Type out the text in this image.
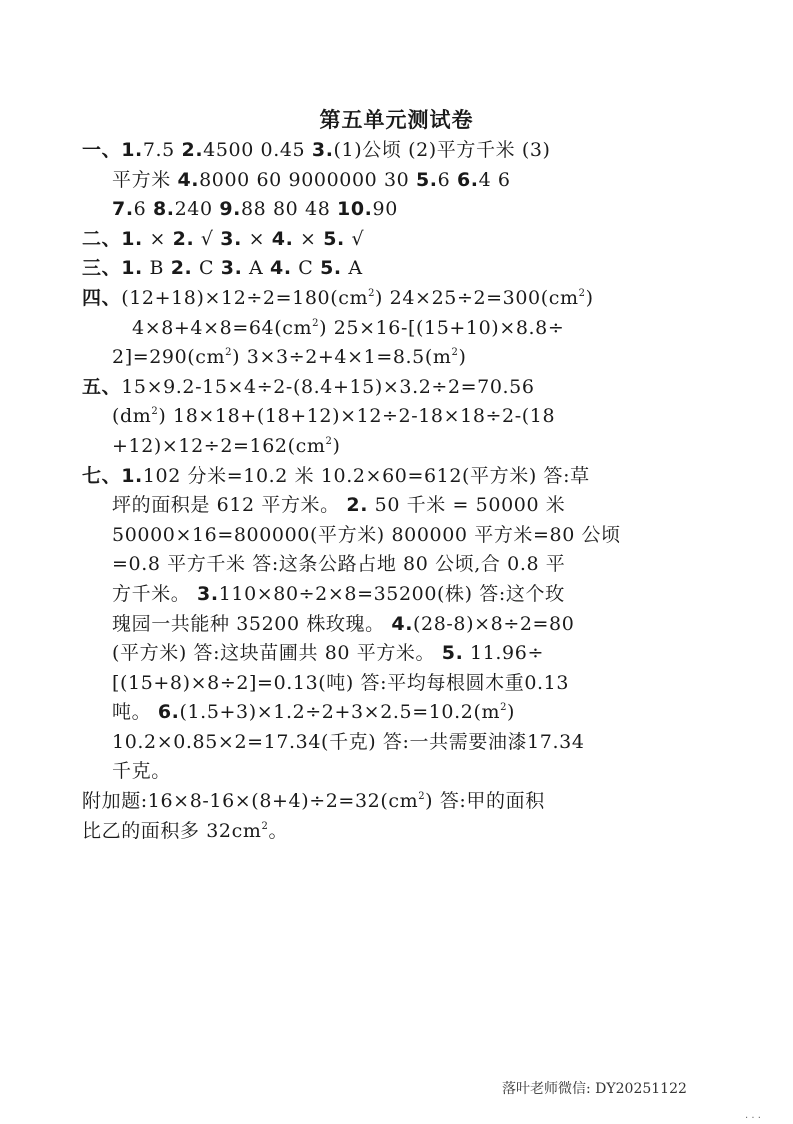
第五单元测试卷
一、1.7.5 2.4500 0.45 3.(1)公顷 (2)平方千米 (3)
平方米 4.8000 60 9000000 30 5.6 6.4 6
7.6 8.240 9.88 80 48 10.90
二、1. × 2. √ 3. × 4. × 5. √
三、1. B 2. C 3. A 4. C 5. A
四、$(12+18)\times 12\div 2=180(cm^2)$ $24\times 25\div 2=300(cm^2)$
$4\times 8+4\times 8=64(cm^2)$ 25×16-[(15+10)×8.8÷
$2]=290(cm^2)$ $3\times 3\div 2+4\times 1=8.5(m^2)$
五、15×9.2-15×4÷2-(8.4+15)×3.2÷2=70.56
$(dm^2)$ 18×18+(18+12)×12÷2-18×18÷2-(18
$+12)\times 12\div 2=162(cm^2)$
七、1.102 分米=10.2 米 10.2×60=612(平方米) 答:草
坪的面积是 612 平方米。 2. 50 千米 = 50000 米
50000×16=800000(平方米) 800000 平方米=80 公顷
=0.8 平方千米 答:这条公路占地 80 公顷,合 0.8 平
方千米。 3.110×80÷2×8=35200(株) 答:这个玫
瑰园一共能种 35200 株玫瑰。 4.(28-8)×8÷2=80
(平方米) 答:这块苗圃共 80 平方米。 5. 11.96÷
[(15+8)×8÷2]=0.13(吨) 答:平均每根圆木重0.13
吨。 $6.(1.5+3)\times 1.2\div 2+3\times 2.5=10.2(m^2)$
10.2×0.85×2=17.34(千克) 答:一共需要油漆17.34
千克。
附加题$:16\times 8-16\times(8+4)\div 2=32(cm^2)$ 答:甲的面积
比乙的面积多 $32cm^2$。
落叶老师微信: DY20251122
· · ·
